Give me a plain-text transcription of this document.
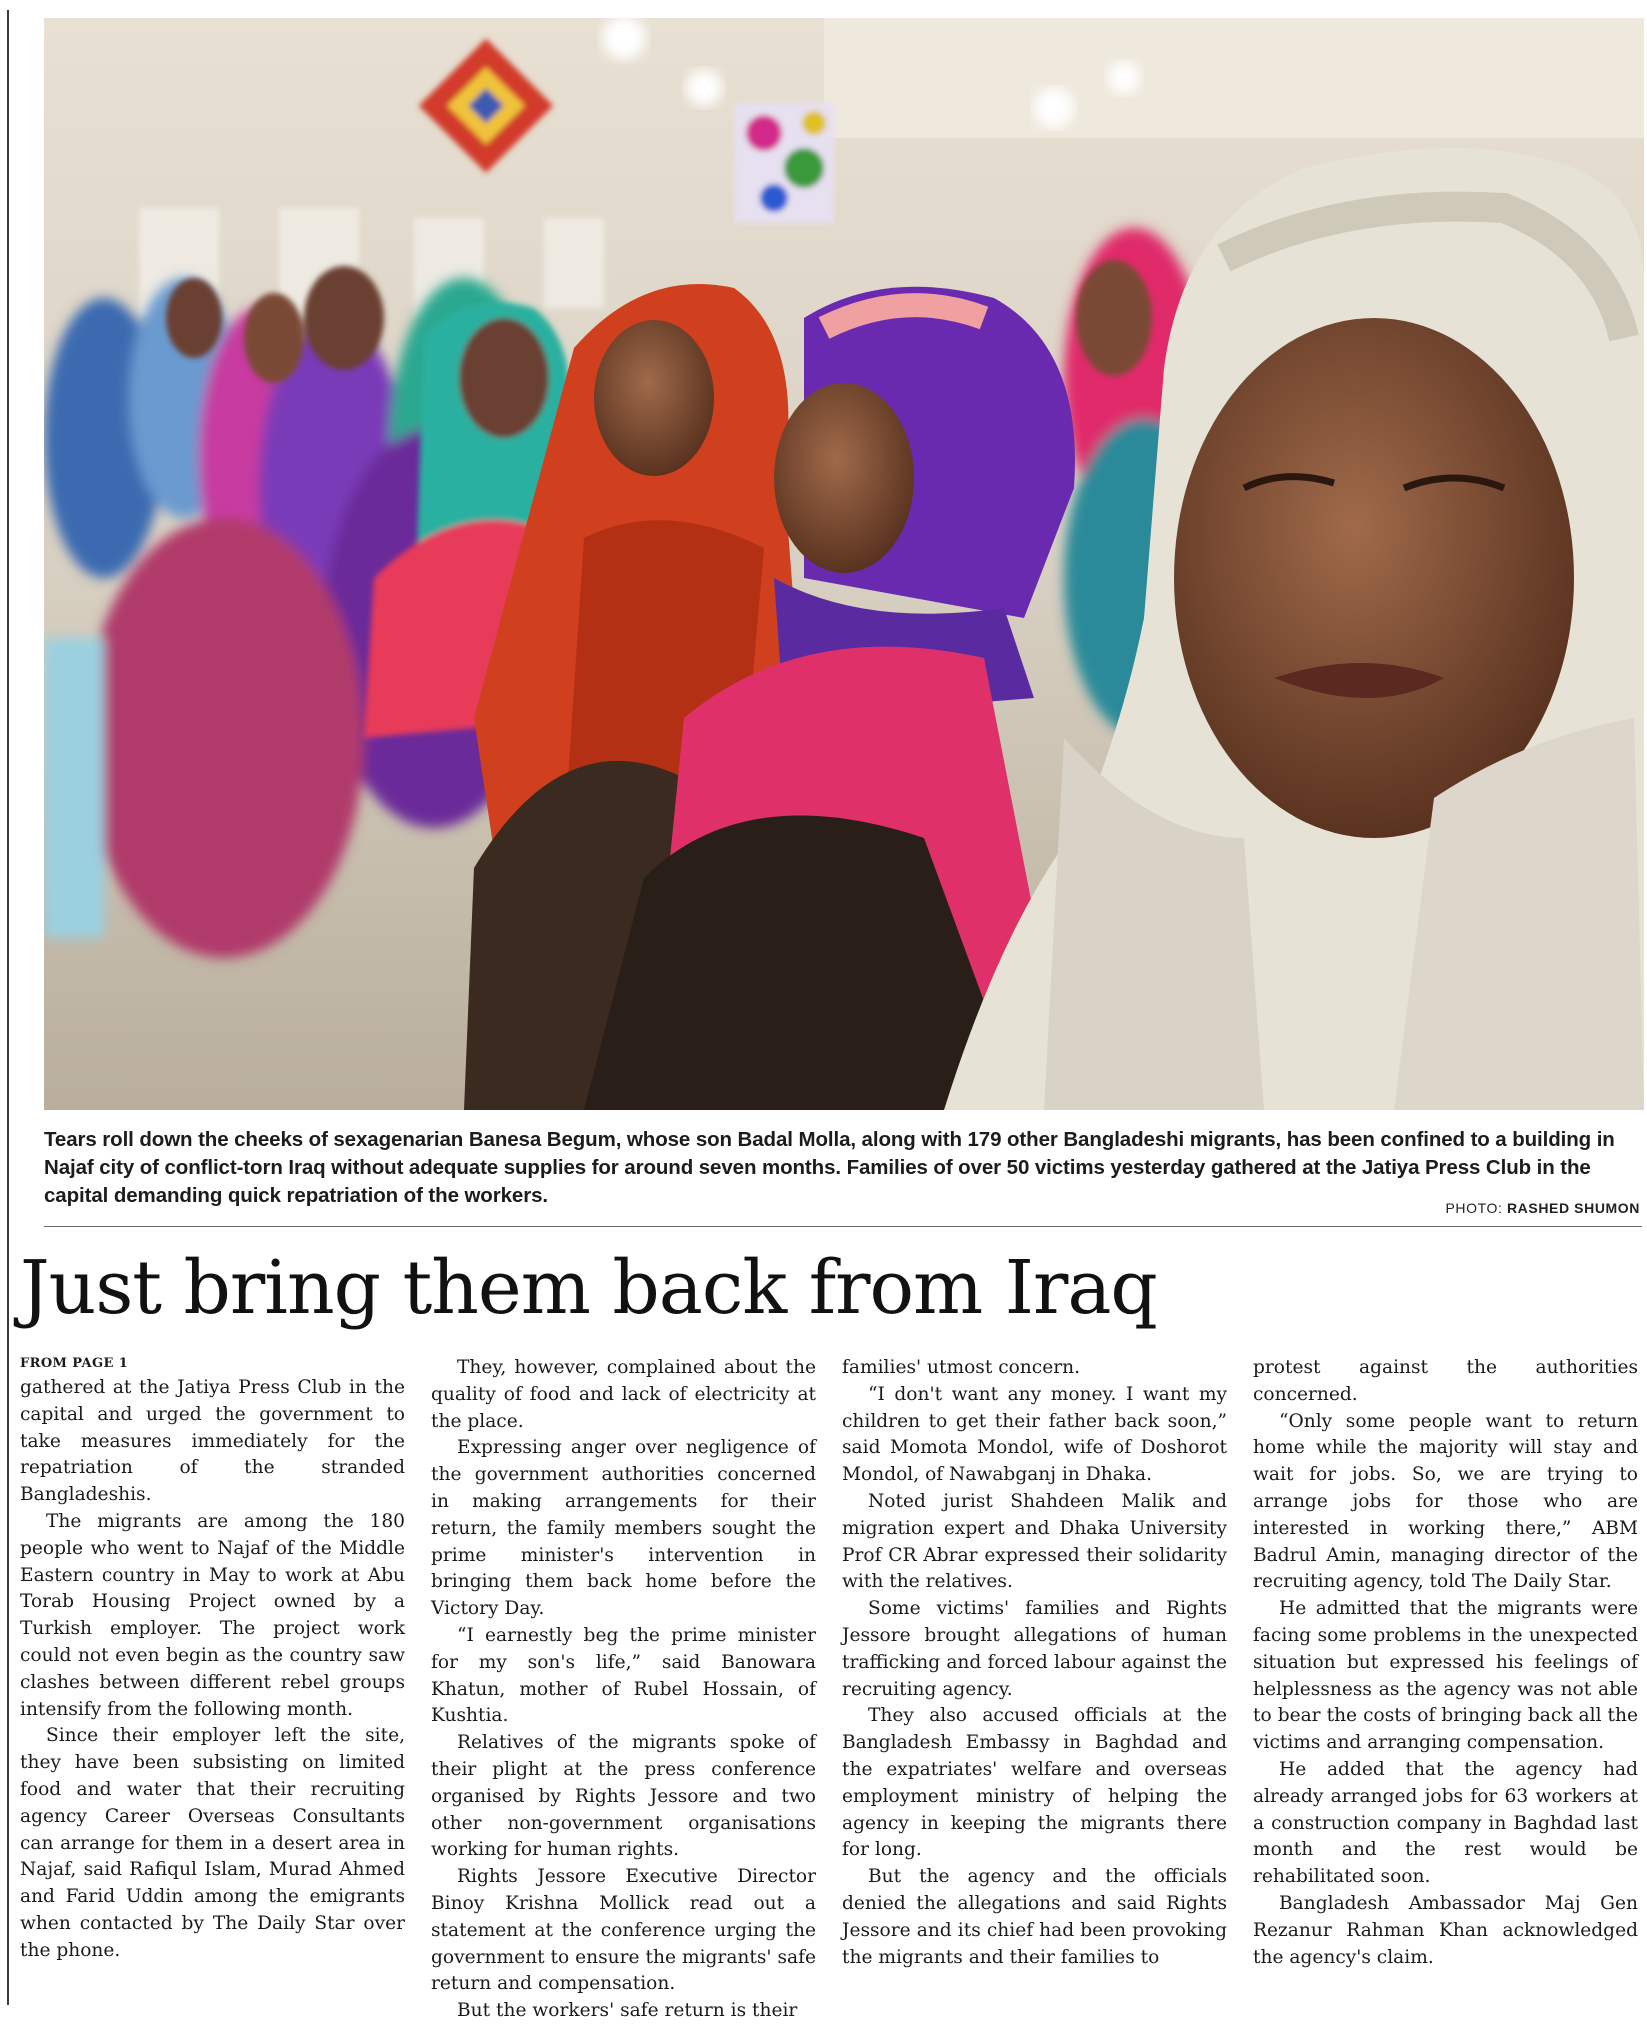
Tears roll down the cheeks of sexagenarian Banesa Begum, whose son Badal Molla, along with 179 other Bangladeshi migrants, has been confined to a building in Najaf city of conflict-torn Iraq without adequate supplies for around seven months. Families of over 50 victims yesterday gathered at the Jatiya Press Club in the capital demanding quick repatriation of the workers.
PHOTO: RASHED SHUMON
Just bring them back from Iraq
FROM PAGE 1

gathered at the Jatiya Press Club in the capital and urged the government to take measures immediately for the repatriation of the stranded Bangladeshis.

The migrants are among the 180 people who went to Najaf of the Middle Eastern country in May to work at Abu Torab Housing Project owned by a Turkish employer. The project work could not even begin as the country saw clashes between different rebel groups intensify from the following month.

Since their employer left the site, they have been subsisting on limited food and water that their recruiting agency Career Overseas Consultants can arrange for them in a desert area in Najaf, said Rafiqul Islam, Murad Ahmed and Farid Uddin among the emigrants when contacted by The Daily Star over the phone.

They, however, complained about the quality of food and lack of electricity at the place.

Expressing anger over negligence of the government authorities concerned in making arrangements for their return, the family members sought the prime minister's intervention in bringing them back home before the Victory Day.

“I earnestly beg the prime minister for my son's life,” said Banowara Khatun, mother of Rubel Hossain, of Kushtia.

Relatives of the migrants spoke of their plight at the press conference organised by Rights Jessore and two other non-government organisations working for human rights.

Rights Jessore Executive Director Binoy Krishna Mollick read out a statement at the conference urging the government to ensure the migrants' safe return and compensation.

But the workers' safe return is their

families' utmost concern.

“I don't want any money. I want my children to get their father back soon,” said Momota Mondol, wife of Doshorot Mondol, of Nawabganj in Dhaka.

Noted jurist Shahdeen Malik and migration expert and Dhaka University Prof CR Abrar expressed their solidarity with the relatives.

Some victims' families and Rights Jessore brought allegations of human trafficking and forced labour against the recruiting agency.

They also accused officials at the Bangladesh Embassy in Baghdad and the expatriates' welfare and overseas employment ministry of helping the agency in keeping the migrants there for long.

But the agency and the officials denied the allegations and said Rights Jessore and its chief had been provoking the migrants and their families to

protest against the authorities concerned.

“Only some people want to return home while the majority will stay and wait for jobs. So, we are trying to arrange jobs for those who are interested in working there,” ABM Badrul Amin, managing director of the recruiting agency, told The Daily Star.

He admitted that the migrants were facing some problems in the unexpected situation but expressed his feelings of helplessness as the agency was not able to bear the costs of bringing back all the victims and arranging compensation.

He added that the agency had already arranged jobs for 63 workers at a construction company in Baghdad last month and the rest would be rehabilitated soon.

Bangladesh Ambassador Maj Gen Rezanur Rahman Khan acknowledged the agency's claim.
